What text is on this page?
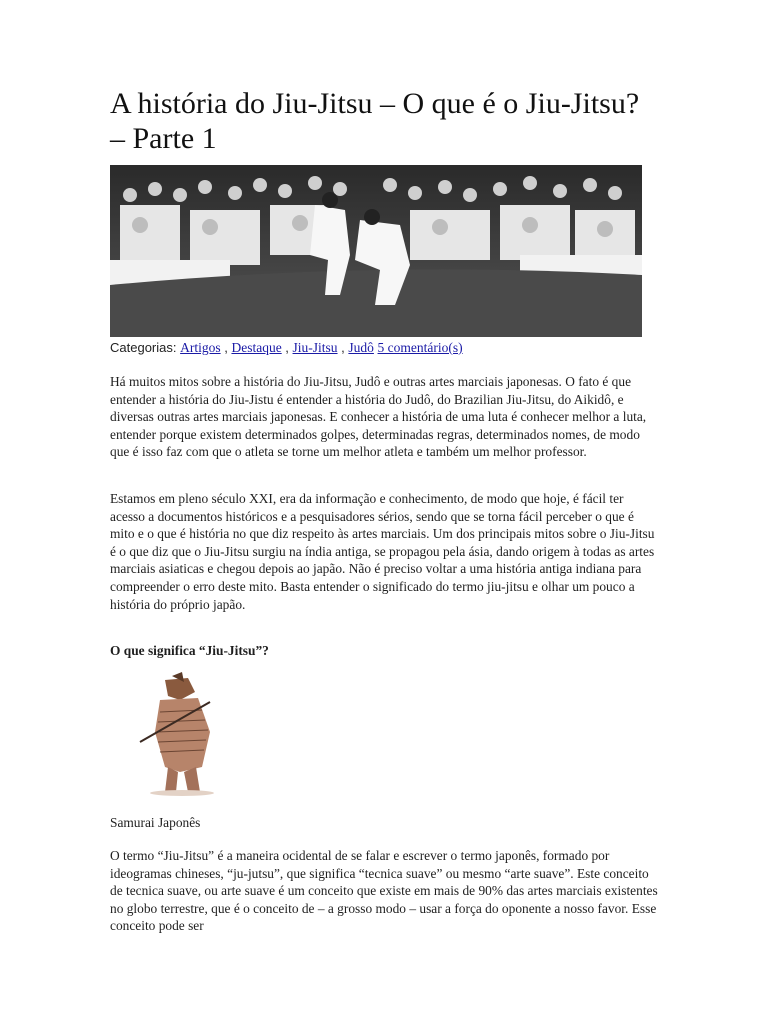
A história do Jiu-Jitsu – O que é o Jiu-Jitsu? – Parte 1
Categorias: Artigos , Destaque , Jiu-Jitsu , Judô 5 comentário(s)

Há muitos mitos sobre a história do Jiu-Jitsu, Judô e outras artes marciais japonesas. O fato é que entender a história do Jiu-Jistu é entender a história do Judô, do Brazilian Jiu-Jitsu, do Aikidô, e diversas outras artes marciais japonesas. E conhecer a história de uma luta é conhecer melhor a luta, entender porque existem determinados golpes, determinadas regras, determinados nomes, de modo que é isso faz com que o atleta se torne um melhor atleta e também um melhor professor.

Estamos em pleno século XXI, era da informação e conhecimento, de modo que hoje, é fácil ter acesso a documentos históricos e a pesquisadores sérios, sendo que se torna fácil perceber o que é mito e o que é história no que diz respeito às artes marciais. Um dos principais mitos sobre o Jiu-Jitsu é o que diz que o Jiu-Jitsu surgiu na índia antiga, se propagou pela ásia, dando origem à todas as artes marciais asiaticas e chegou depois ao japão. Não é preciso voltar a uma história antiga indiana para compreender o erro deste mito. Basta entender o significado do termo jiu-jitsu e olhar um pouco a história do próprio japão.

O que significa “Jiu-Jitsu”?

Samurai Japonês

O termo “Jiu-Jitsu” é a maneira ocidental de se falar e escrever o termo japonês, formado por ideogramas chineses, “ju-jutsu”, que significa “tecnica suave” ou mesmo “arte suave”. Este conceito de tecnica suave, ou arte suave é um conceito que existe em mais de 90% das artes marciais existentes no globo terrestre, que é o conceito de – a grosso modo – usar a força do oponente a nosso favor. Esse conceito pode ser
